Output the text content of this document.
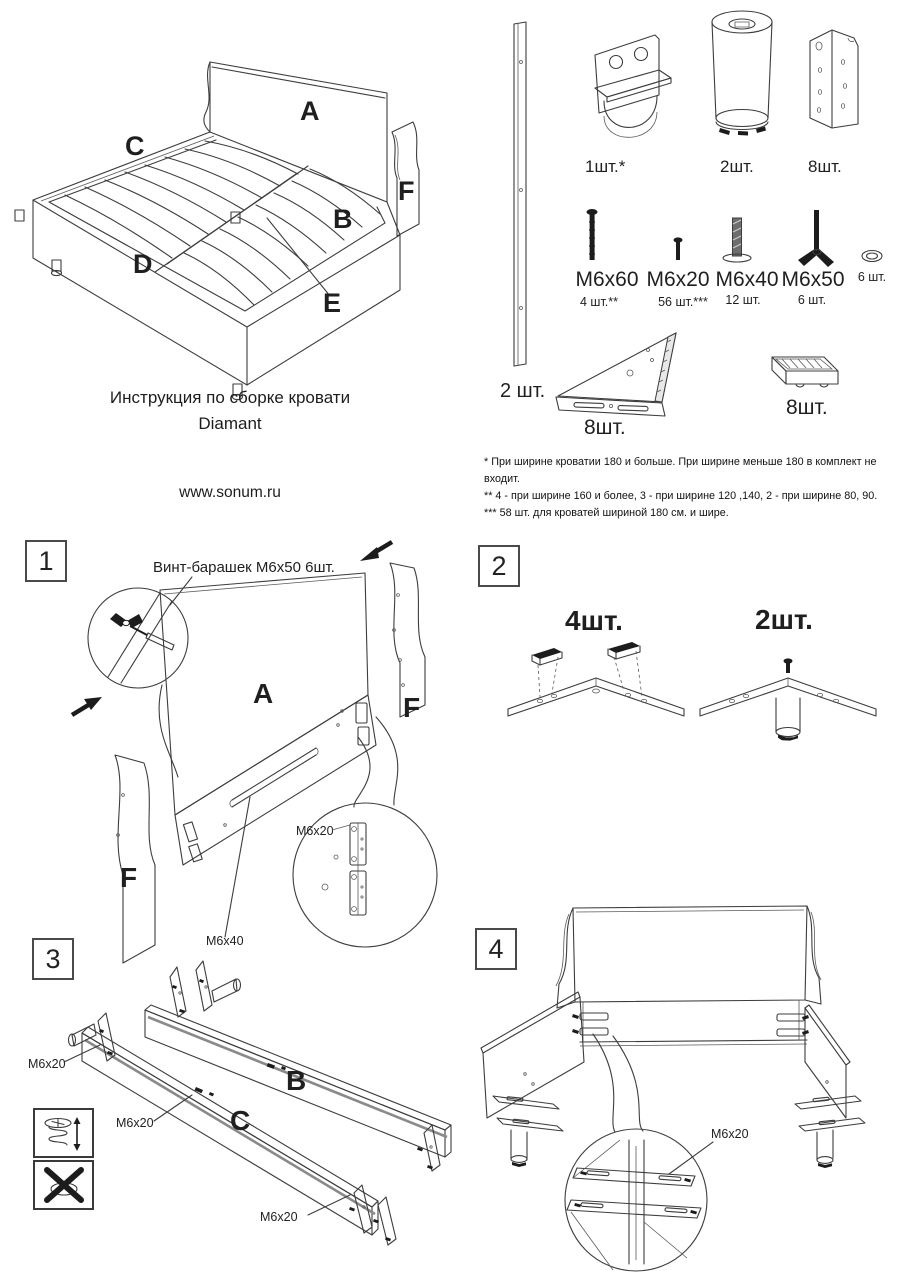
A
C
F
B
D
E
Инструкция по сборке кровати
Diamant
www.sonum.ru
1шт.*	2шт.	8шт.
M6x60 M6x20 M6x40 M6x50
4 шт.**	56 шт.*** 12 шт.	6 шт.
6 шт.
2 шт.
8шт.
8шт.
* При ширине кроватии 180 и больше. При ширине меньше 180 в комплект не входит.
** 4 - при ширине 160 и более, 3 - при ширине 120 ,140, 2 - при ширине 80, 90.
*** 58 шт. для кроватей шириной 180 см. и шире.
1	Винт-барашек М6х50 6шт.
A	F
F
M6x20
M6x40
2
4шт.	2шт.
3
B
C
M6x20
M6x20
M6x20
4
M6x20
